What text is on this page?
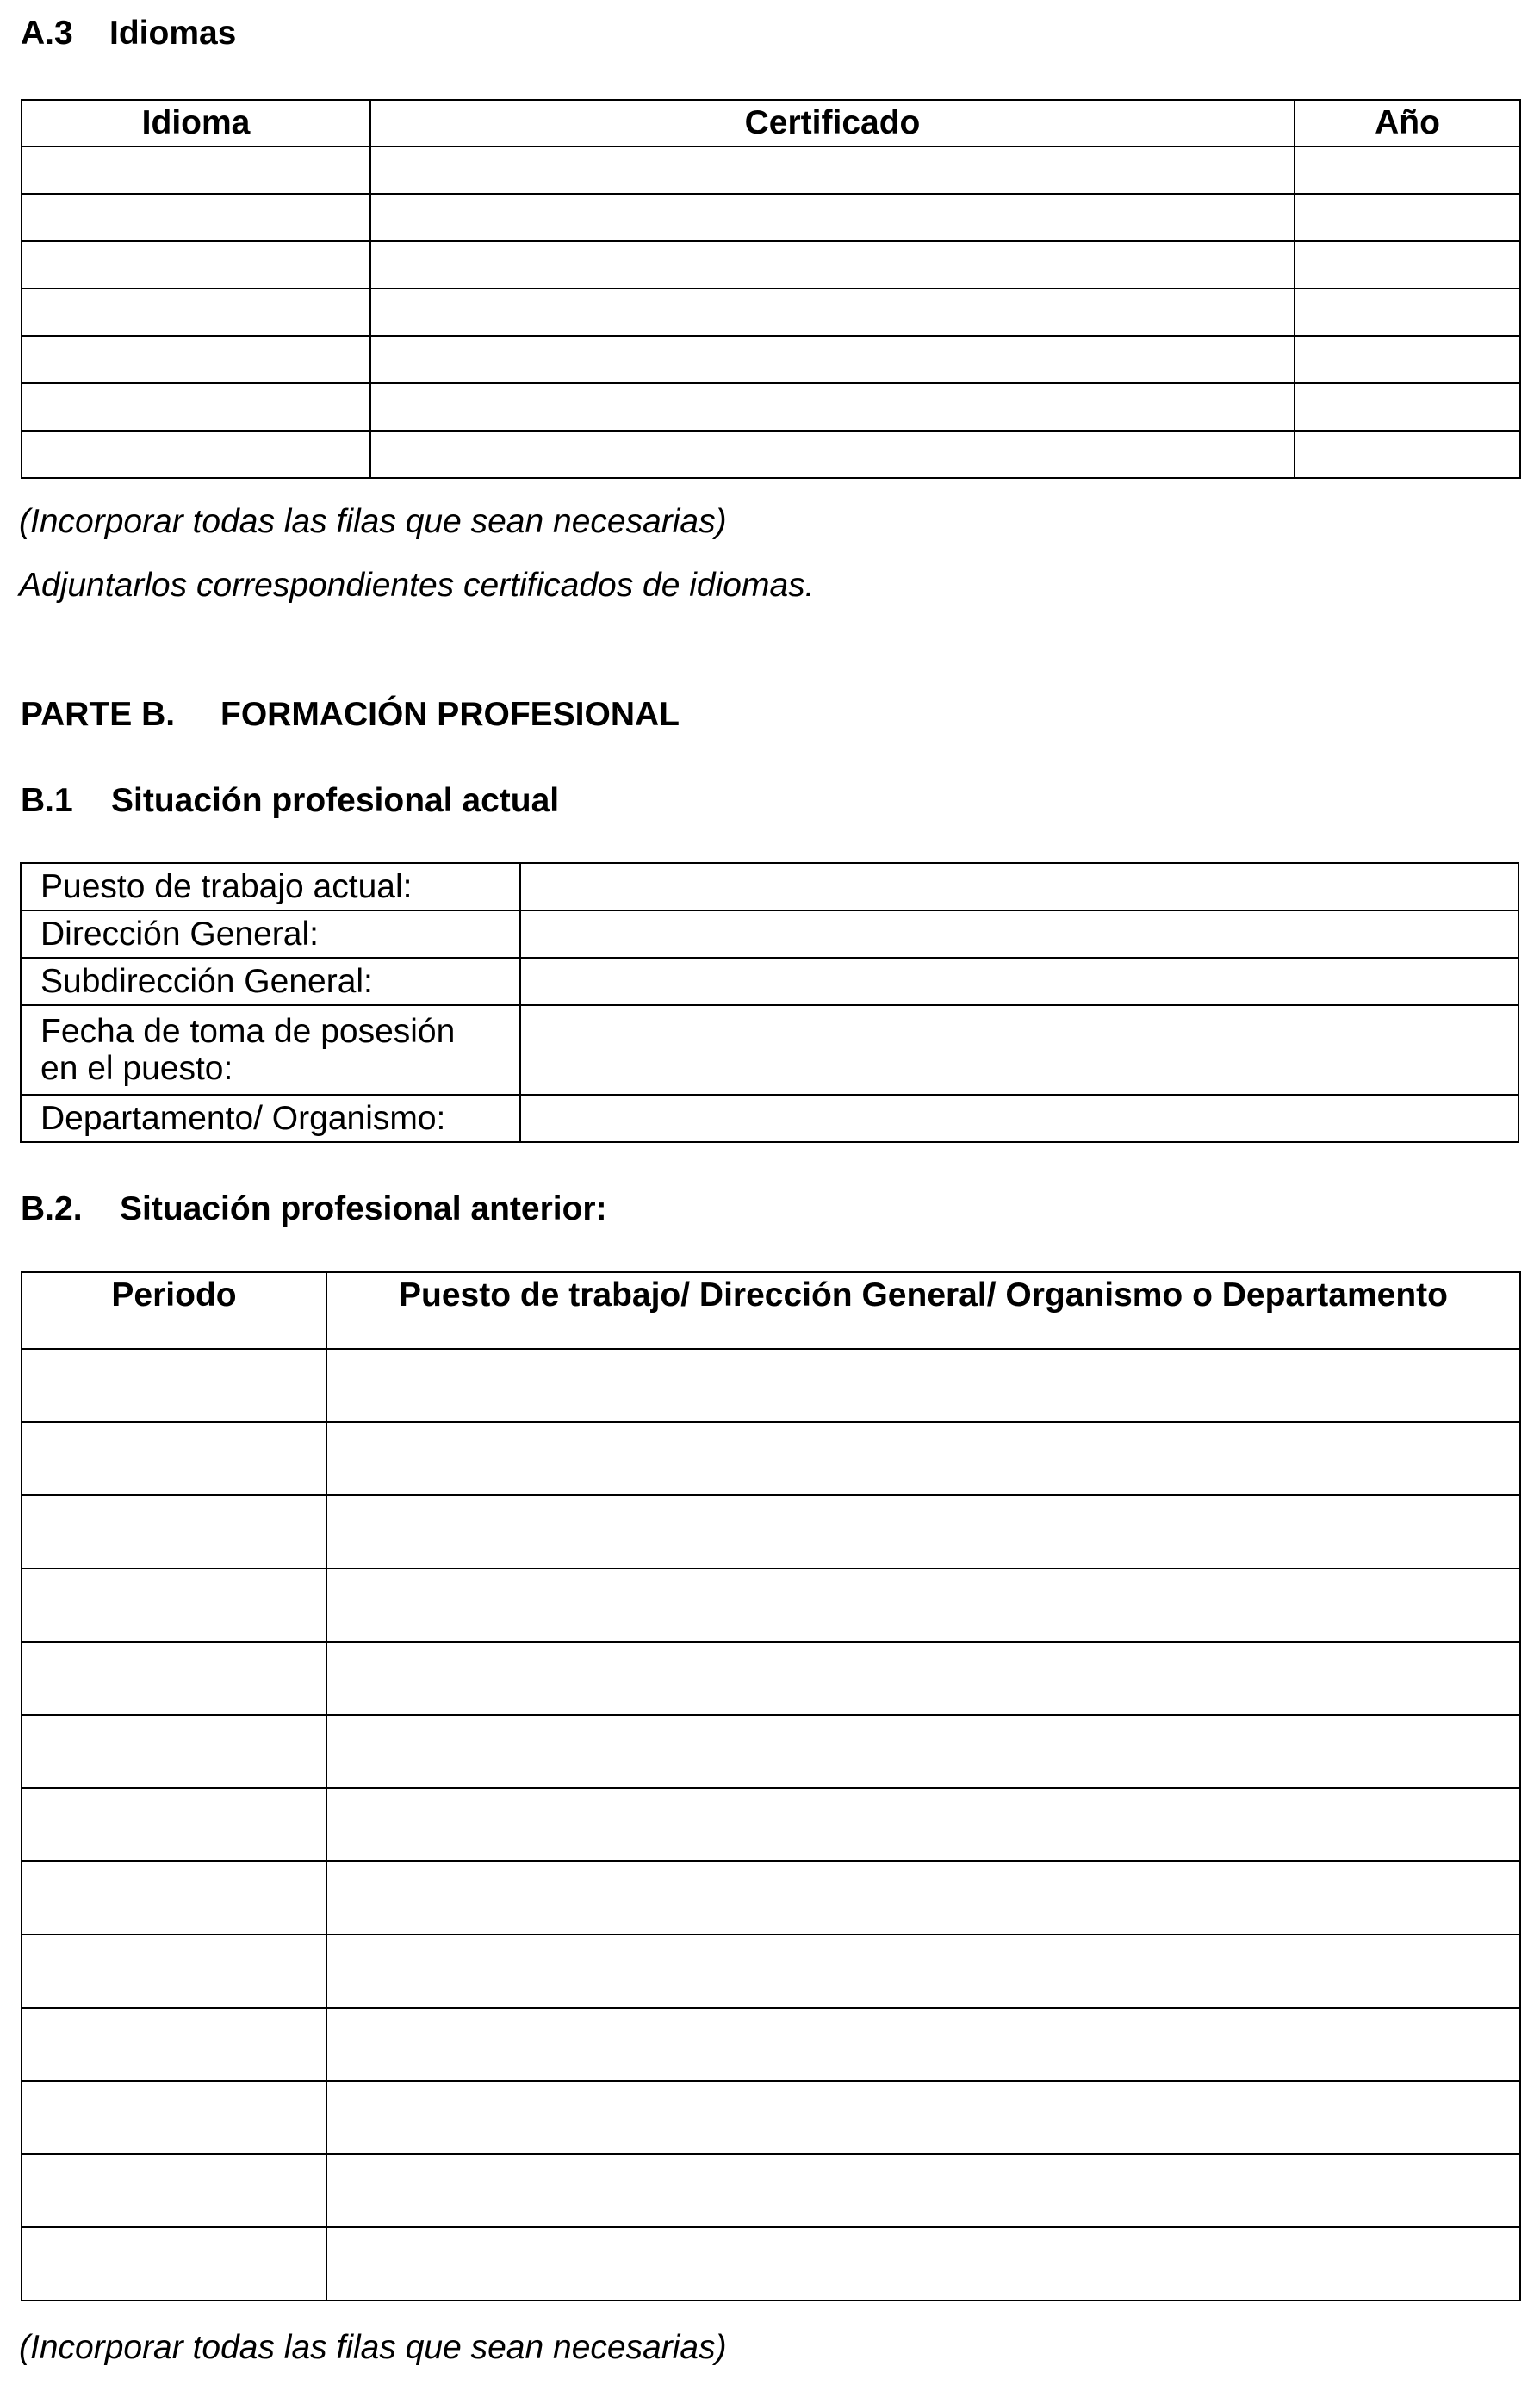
A.3 Idiomas
Idioma	Certificado	Año

(Incorporar todas las filas que sean necesarias)
Adjuntarlos correspondientes certificados de idiomas.
PARTE B. FORMACIÓN PROFESIONAL
B.1 Situación profesional actual
Puesto de trabajo actual:	
Dirección General:	
Subdirección General:	

Fecha de toma de posesión
en el puesto:	

Departamento/ Organismo:	
B.2. Situación profesional anterior:
Periodo	Puesto de trabajo/ Dirección General/ Organismo o Departamento

(Incorporar todas las filas que sean necesarias)
